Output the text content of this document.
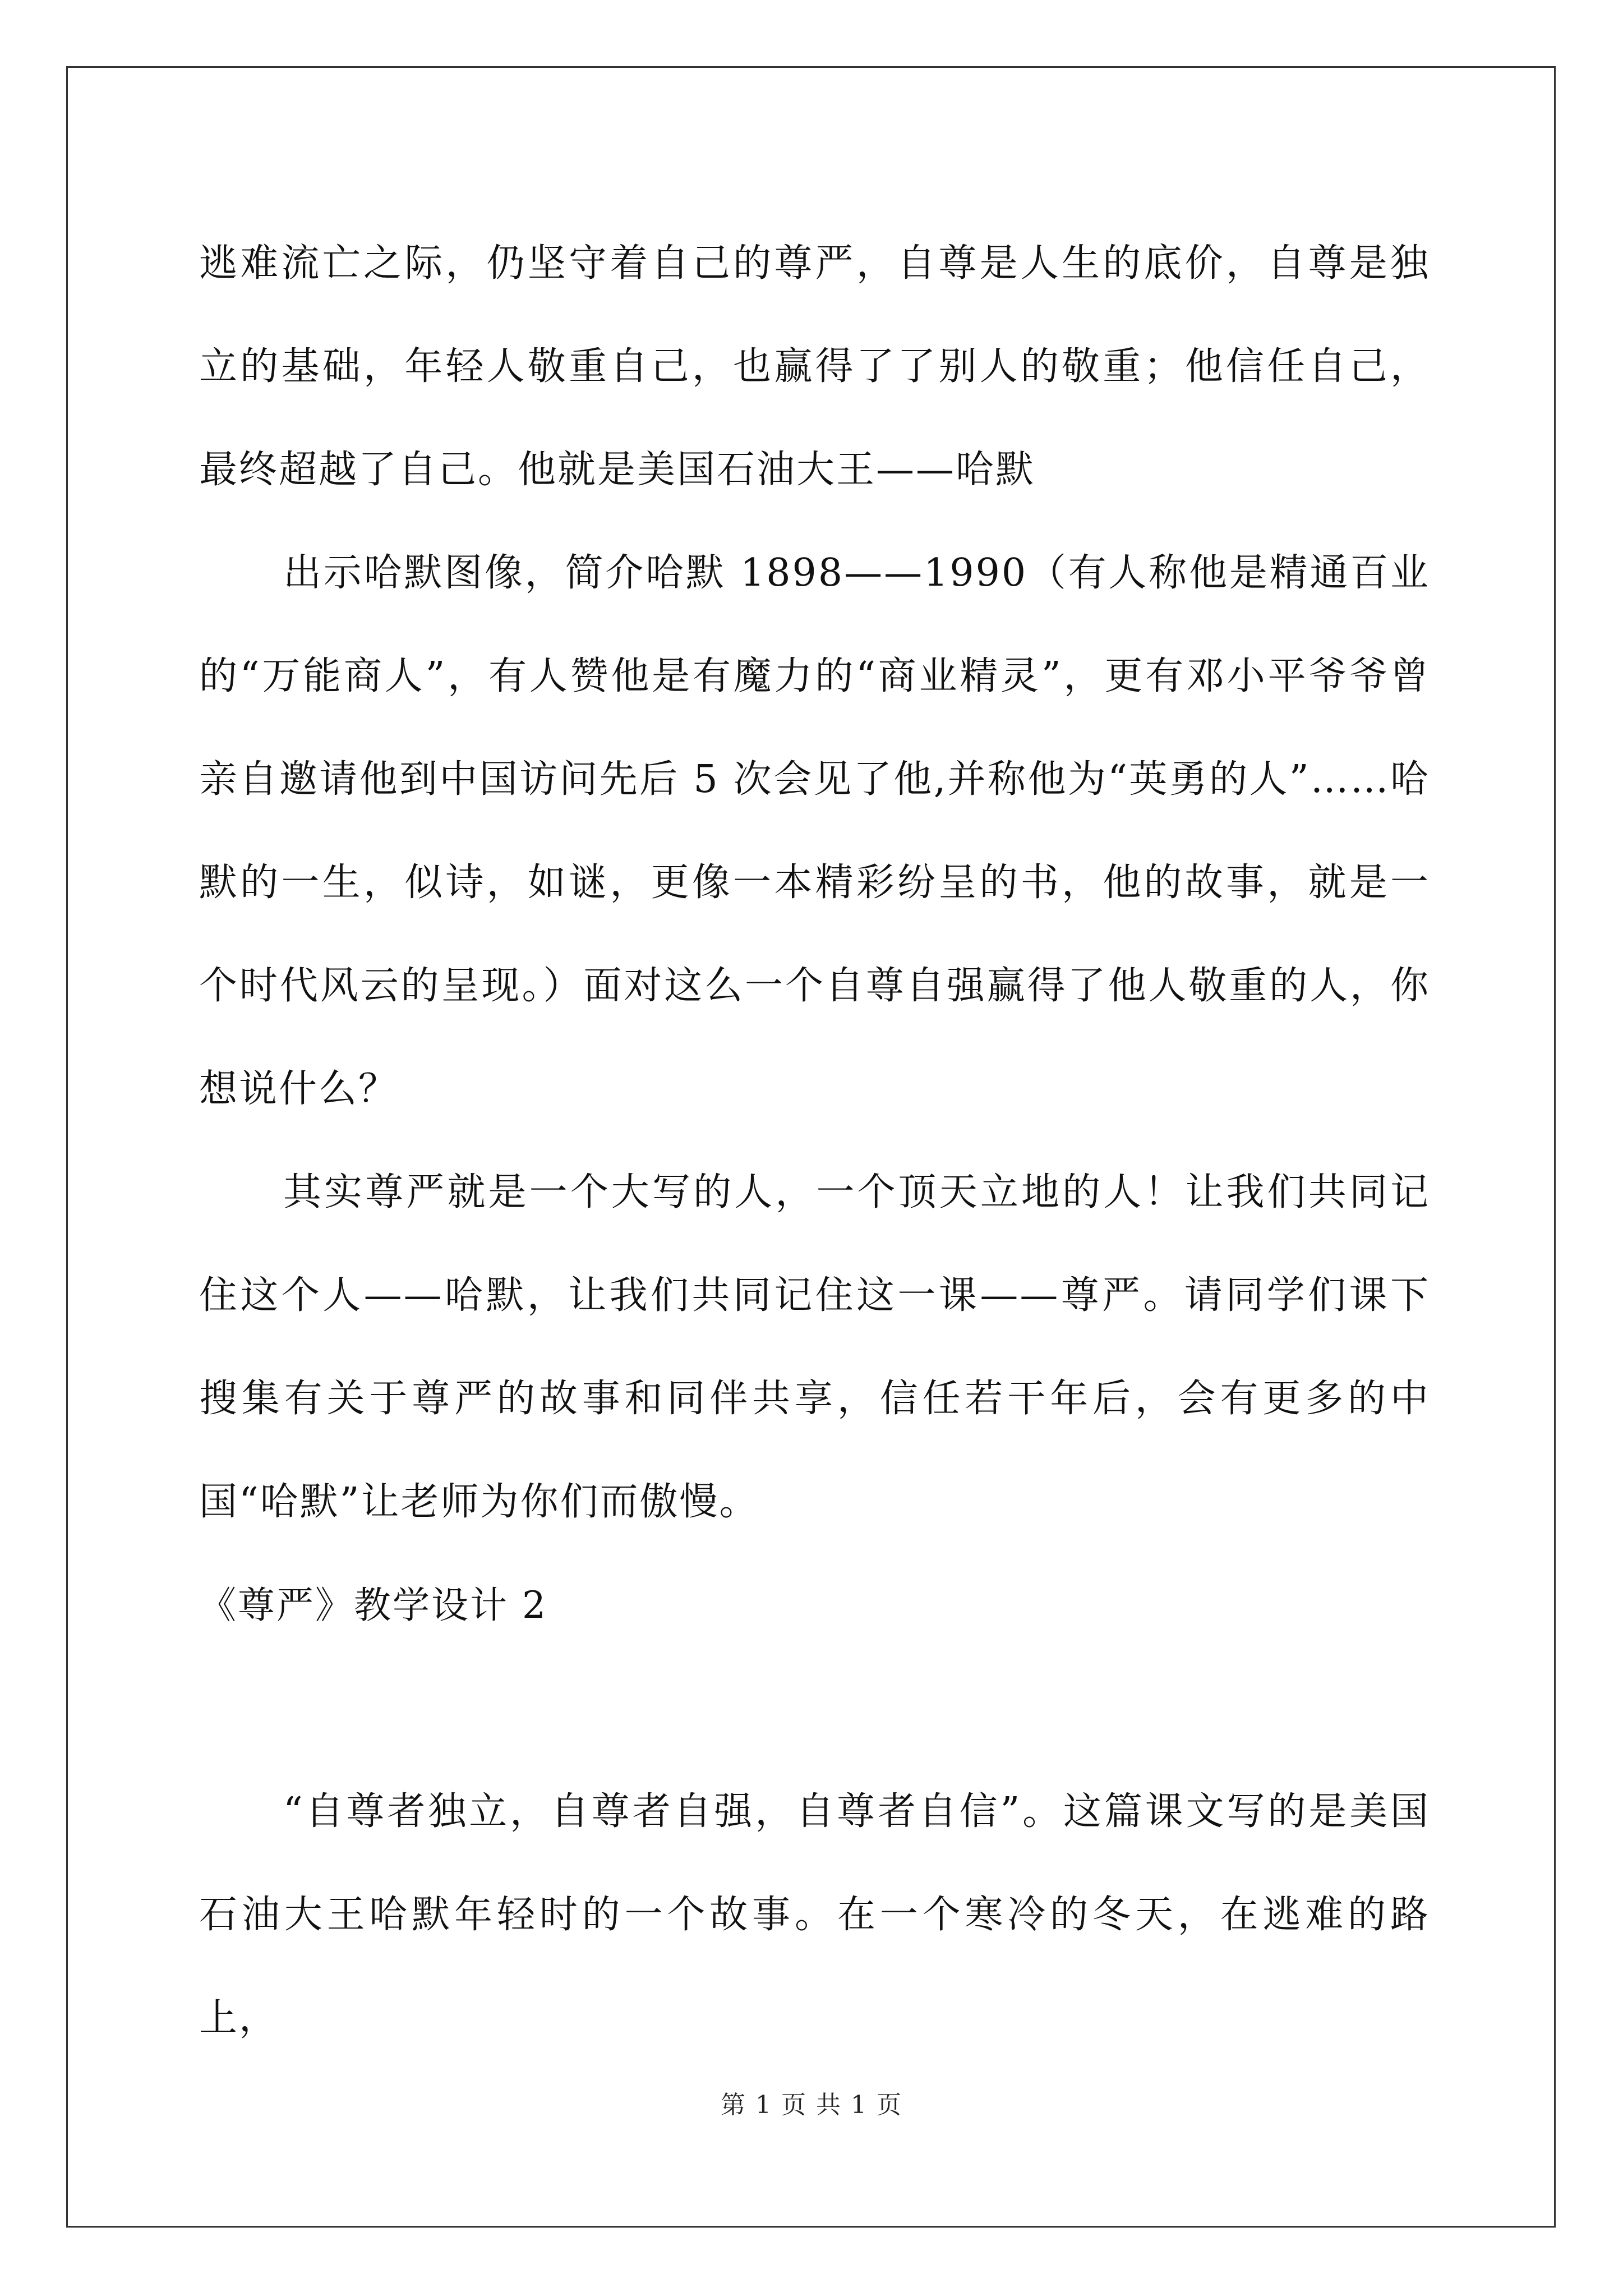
逃难流亡之际，仍坚守着自己的尊严，自尊是人生的底价，自尊是独立的基础，年轻人敬重自己，也赢得了了别人的敬重；他信任自己，最终超越了自己。他就是美国石油大王——哈默

出示哈默图像，简介哈默 1898——1990（有人称他是精通百业的“万能商人”，有人赞他是有魔力的“商业精灵”，更有邓小平爷爷曾亲自邀请他到中国访问先后 5 次会见了他,并称他为“英勇的人”……哈默的一生，似诗，如谜，更像一本精彩纷呈的书，他的故事，就是一个时代风云的呈现。）面对这么一个自尊自强赢得了他人敬重的人，你想说什么？

其实尊严就是一个大写的人，一个顶天立地的人！让我们共同记住这个人——哈默，让我们共同记住这一课——尊严。请同学们课下搜集有关于尊严的故事和同伴共享，信任若干年后，会有更多的中国“哈默”让老师为你们而傲慢。

《尊严》教学设计 2

“自尊者独立，自尊者自强，自尊者自信”。这篇课文写的是美国石油大王哈默年轻时的一个故事。在一个寒冷的冬天，在逃难的路上，

第 1 页 共 1 页
